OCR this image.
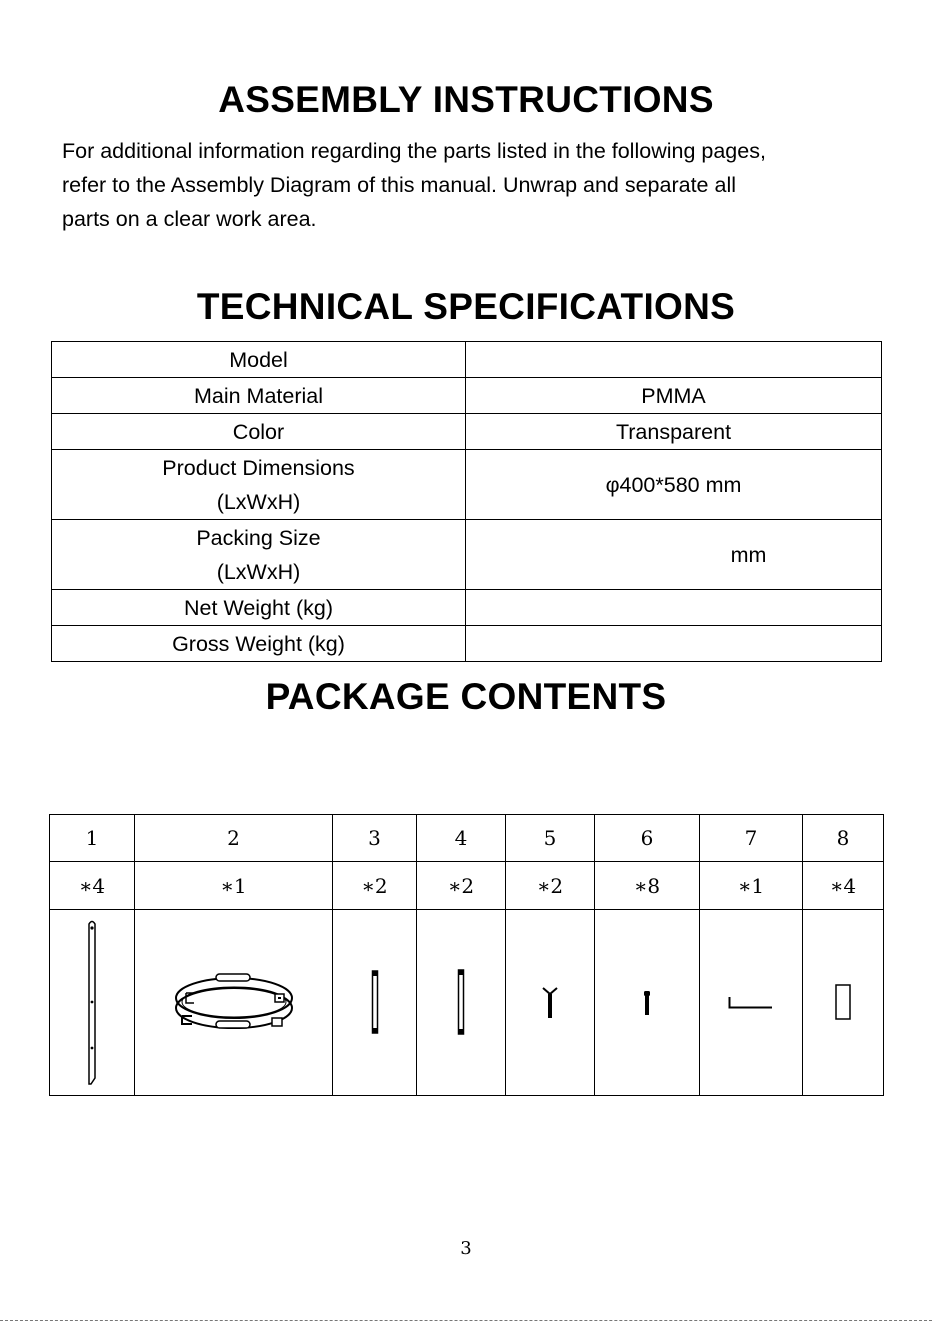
ASSEMBLY INSTRUCTIONS

For additional information regarding the parts listed in the following pages,

refer to the Assembly Diagram of this manual. Unwrap and separate all

parts on a clear work area.

TECHNICAL SPECIFICATIONS
Model	
Main Material	PMMA
Color	Transparent

Product Dimensions
(LxWxH)	φ400*580 mm

Packing Size
(LxWxH)	mm

Net Weight (kg)	
Gross Weight (kg)	
PACKAGE CONTENTS
1	2	3	4	5	6	7	8
∗4	∗1	∗2	∗2	∗2	∗8	∗1	∗4

3
